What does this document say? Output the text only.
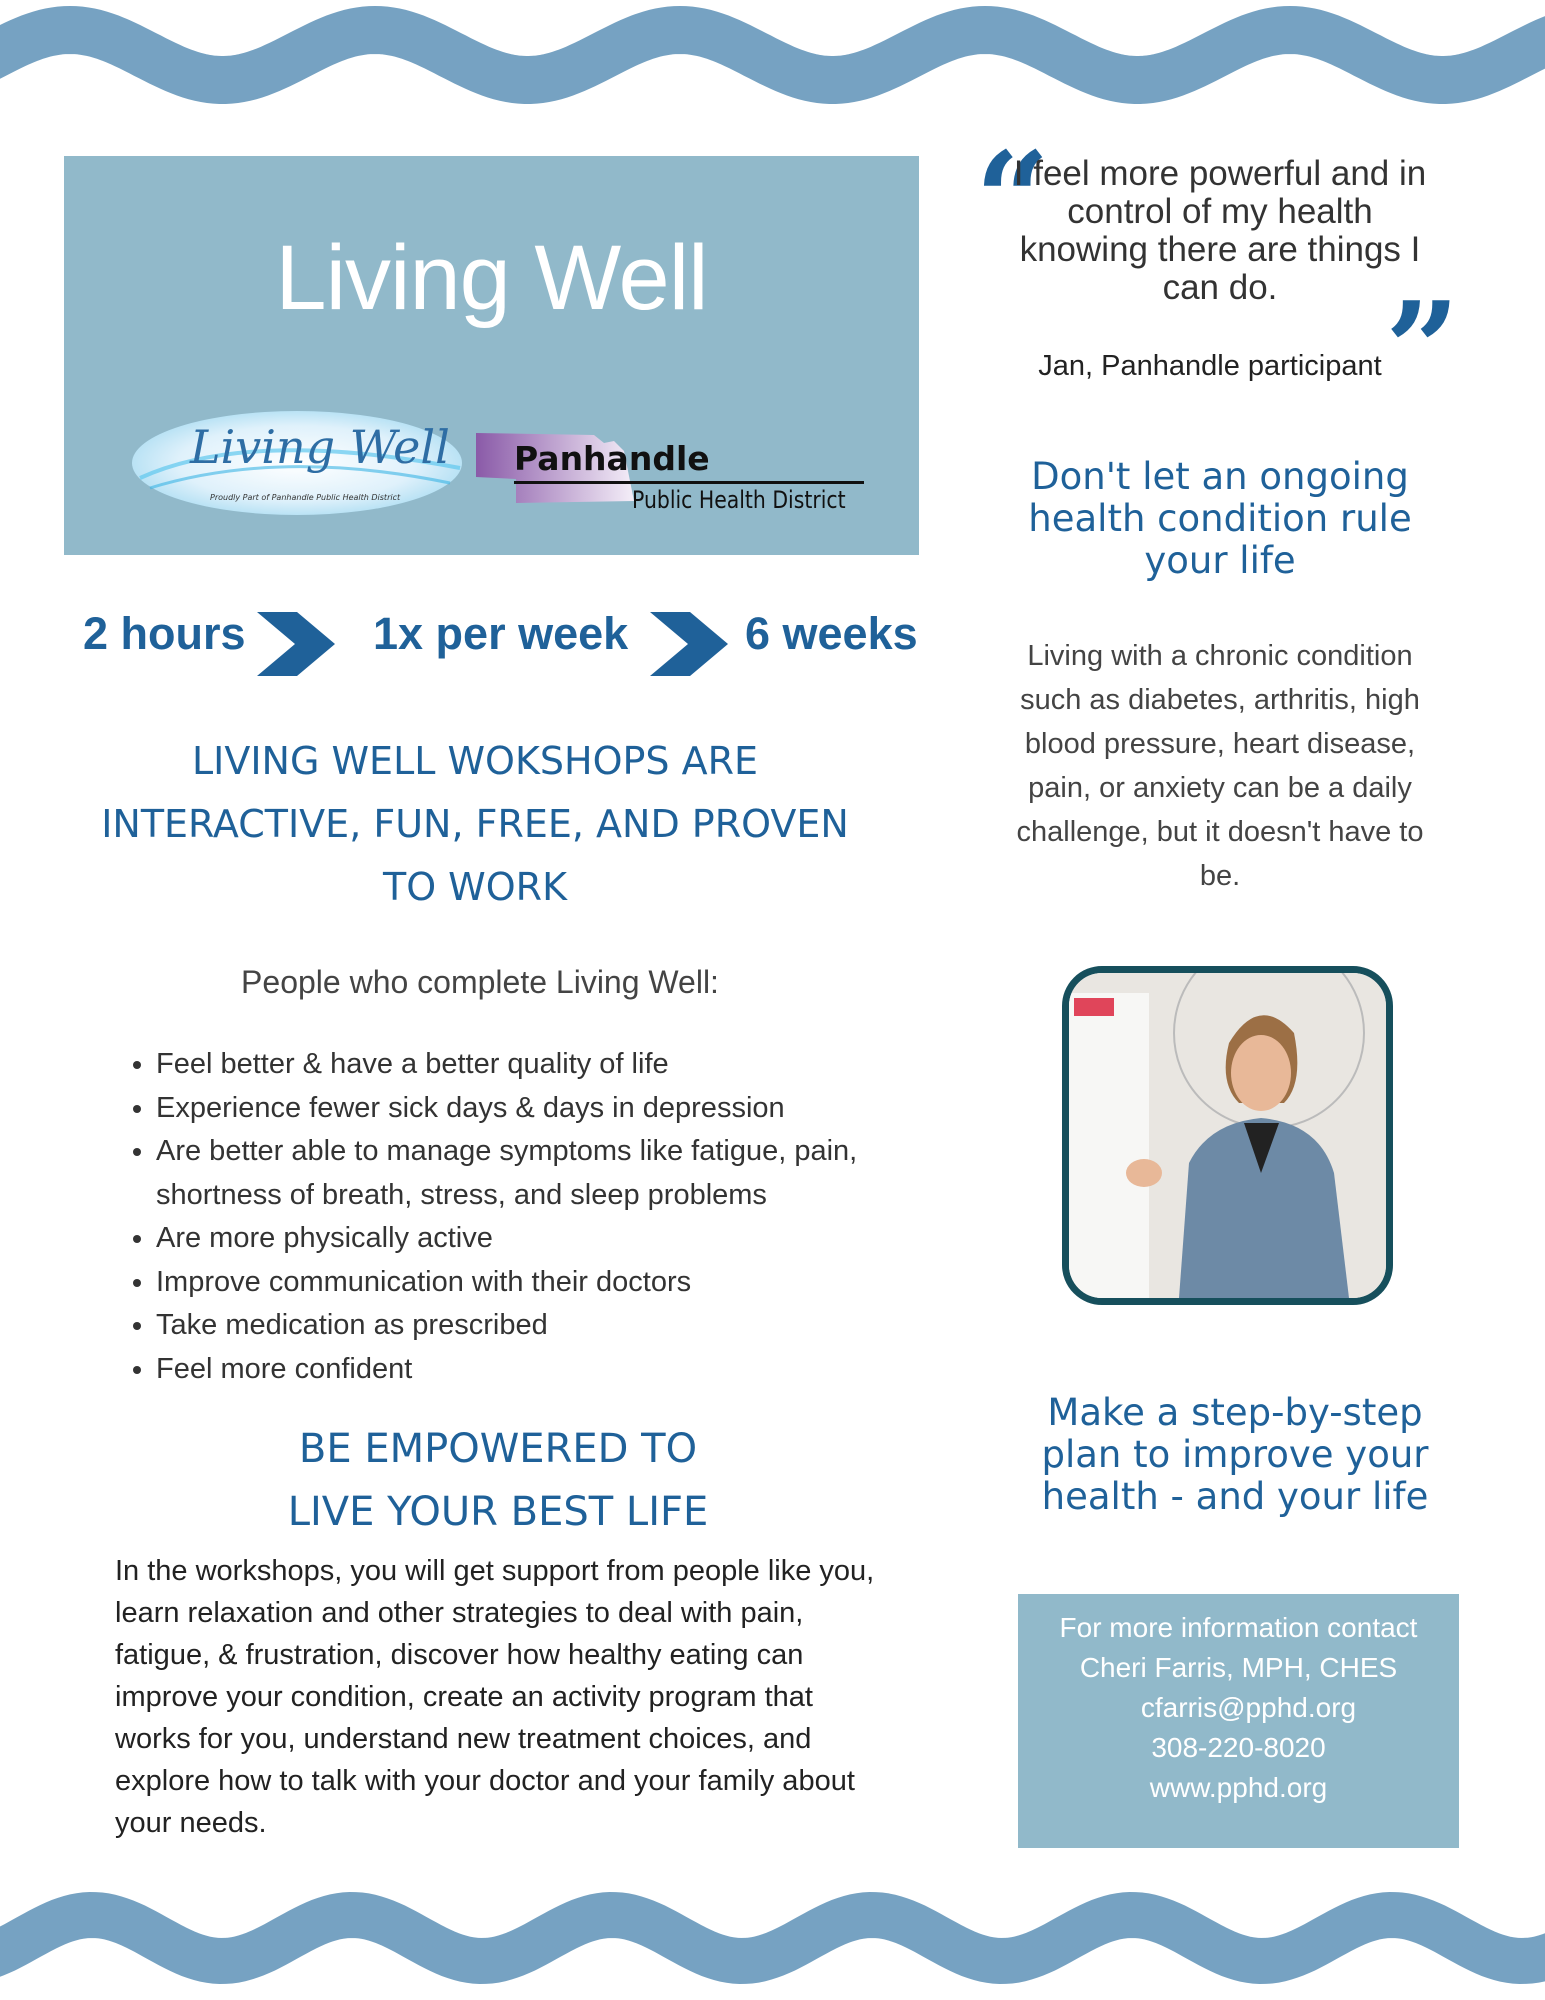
Living Well
Living Well
Proudly Part of Panhandle Public Health District
Panhandle
Public Health District
2 hours	1x per week	6 weeks
LIVING WELL WOKSHOPS ARE
INTERACTIVE, FUN, FREE, AND PROVEN
TO WORK
People who complete Living Well:
• Feel better & have a better quality of life
• Experience fewer sick days & days in depression
• Are better able to manage symptoms like fatigue, pain, shortness of breath, stress, and sleep problems
• Are more physically active
• Improve communication with their doctors
• Take medication as prescribed
• Feel more confident
BE EMPOWERED TO
LIVE YOUR BEST LIFE
In the workshops, you will get support from people like you, learn relaxation and other strategies to deal with pain, fatigue, & frustration, discover how healthy eating can improve your condition, create an activity program that works for you, understand new treatment choices, and explore how to talk with your doctor and your family about your needs.
“
I feel more powerful and in control of my health knowing there are things I can do. ”
Jan, Panhandle participant
Don't let an ongoing health condition rule your life
Living with a chronic condition such as diabetes, arthritis, high blood pressure, heart disease, pain, or anxiety can be a daily challenge, but it doesn't have to be.
Make a step-by-step plan to improve your health - and your life
For more information contact
Cheri Farris, MPH, CHES
cfarris@pphd.org
308-220-8020
www.pphd.org
